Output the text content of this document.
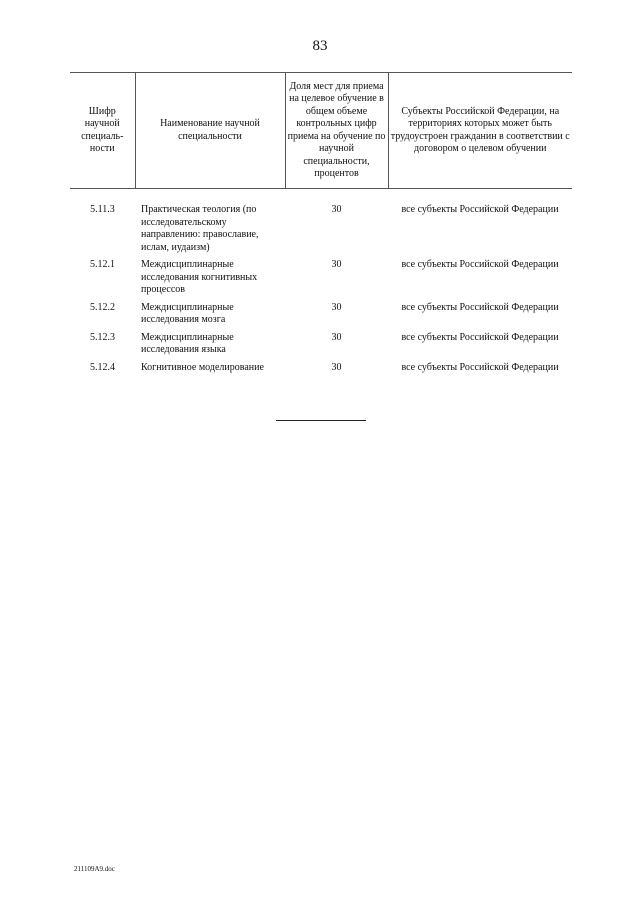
83
Шифр научной специаль-ности	Наименование научной специальности	Доля мест для приема на целевое обучение в общем объеме контрольных цифр приема на обучение по научной специальности, процентов	Субъекты Российской Федерации, на территориях которых может быть трудоустроен гражданин в соответствии с договором о целевом обучении
5.11.3	Практическая теология (по исследовательскому направлению: православие, ислам, иудаизм)	30	все субъекты Российской Федерации
5.12.1	Междисциплинарные исследования когнитивных процессов	30	все субъекты Российской Федерации
5.12.2	Междисциплинарные исследования мозга	30	все субъекты Российской Федерации
5.12.3	Междисциплинарные исследования языка	30	все субъекты Российской Федерации
5.12.4	Когнитивное моделирование	30	все субъекты Российской Федерации
211109A9.doc
